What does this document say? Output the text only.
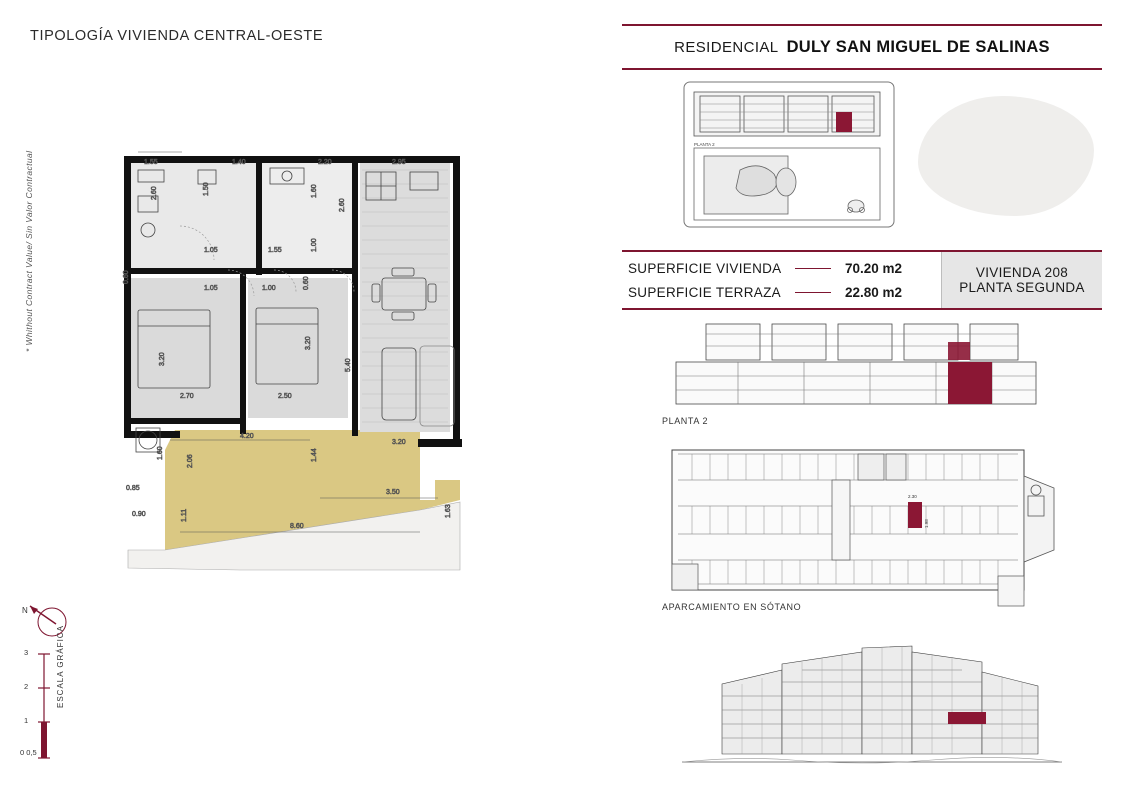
TIPOLOGÍA VIVIENDA CENTRAL-OESTE
1.55	1.40	2.20	2.95
1.50	1.60
2.60
2.60
1.05	1.55	1.00
0.60
1.05	1.00	0.60
3.20
3.20
5.40
2.70	2.50
3.20
4.20
1.44
2.06
1.60
0.85
0.90	1.11
3.50
1.63
8.60
* Whithout Contract Value/ Sin Valor Contractual
N
3
2
1
0 0,5
ESCALA GRÁFICA
RESIDENCIAL DULY SAN MIGUEL DE SALINAS
PLANTA 2
SUPERFICIE VIVIENDA	70.20 m2
SUPERFICIE TERRAZA	22.80 m2
VIVIENDA 208
PLANTA SEGUNDA
PLANTA 2
2.30
1.98
APARCAMIENTO EN SÓTANO
